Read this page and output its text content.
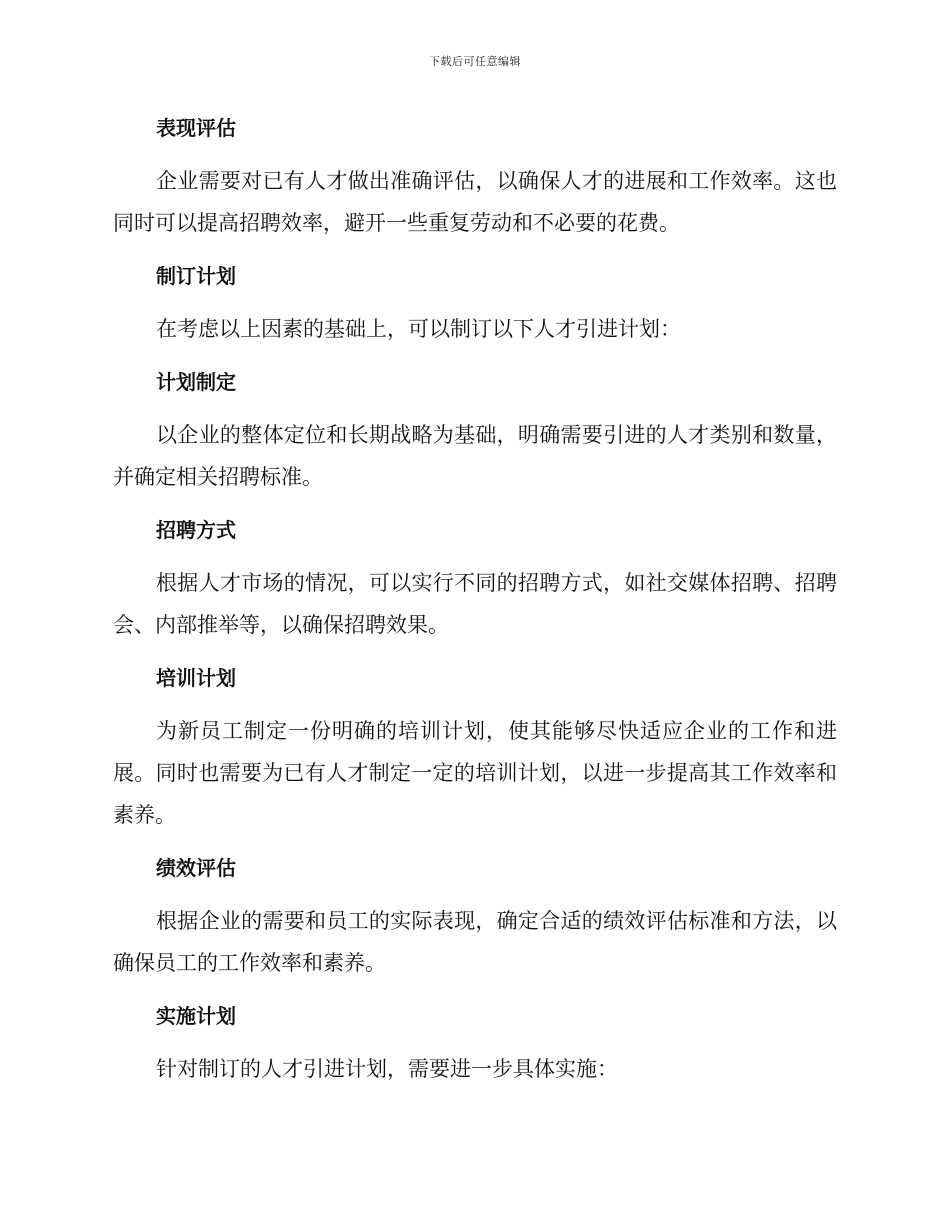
下载后可任意编辑
表现评估

企业需要对已有人才做出准确评估，以确保人才的进展和工作效率。这也同时可以提高招聘效率，避开一些重复劳动和不必要的花费。

制订计划

在考虑以上因素的基础上，可以制订以下人才引进计划：

计划制定

以企业的整体定位和长期战略为基础，明确需要引进的人才类别和数量，并确定相关招聘标准。

招聘方式

根据人才市场的情况，可以实行不同的招聘方式，如社交媒体招聘、招聘会、内部推举等，以确保招聘效果。

培训计划

为新员工制定一份明确的培训计划，使其能够尽快适应企业的工作和进展。同时也需要为已有人才制定一定的培训计划，以进一步提高其工作效率和素养。

绩效评估

根据企业的需要和员工的实际表现，确定合适的绩效评估标准和方法，以确保员工的工作效率和素养。

实施计划

针对制订的人才引进计划，需要进一步具体实施：
